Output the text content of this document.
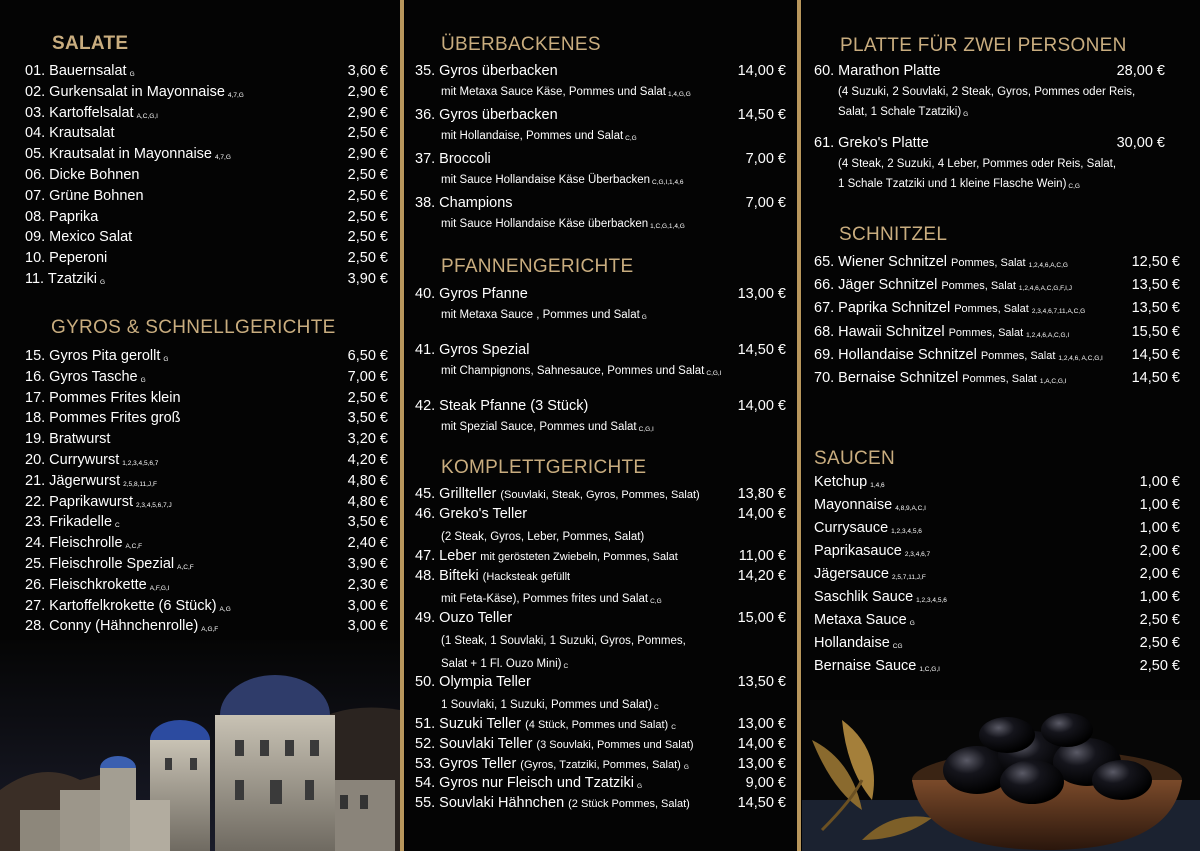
SALATE
01. Bauernsalat G	3,60 €
02. Gurkensalat in Mayonnaise 4,7,G	2,90 €
03. Kartoffelsalat A,C,G,I	2,90 €
04. Krautsalat	2,50 €
05. Krautsalat in Mayonnaise 4,7,G	2,90 €
06. Dicke Bohnen	2,50 €
07. Grüne Bohnen	2,50 €
08. Paprika	2,50 €
09. Mexico Salat	2,50 €
10. Peperoni	2,50 €
11. Tzatziki G	3,90 €
GYROS & SCHNELLGERICHTE
15. Gyros Pita gerollt G	6,50 €
16. Gyros Tasche G	7,00 €
17. Pommes Frites klein	2,50 €
18. Pommes Frites groß	3,50 €
19. Bratwurst	3,20 €
20. Currywurst 1,2,3,4,5,6,7	4,20 €
21. Jägerwurst 2,5,8,11,J,F	4,80 €
22. Paprikawurst 2,3,4,5,6,7,J	4,80 €
23. Frikadelle C	3,50 €
24. Fleischrolle A,C,F	2,40 €
25. Fleischrolle Spezial A,C,F	3,90 €
26. Fleischkrokette A,F,G,I	2,30 €
27. Kartoffelkrokette (6 Stück) A,G	3,00 €
28. Conny (Hähnchenrolle) A,G,F	3,00 €
ÜBERBACKENES
35. Gyros überbacken	14,00 €
mit Metaxa Sauce Käse, Pommes und Salat 1,4,G,G
36. Gyros überbacken	14,50 €
mit Hollandaise, Pommes und Salat C,G
37. Broccoli	7,00 €
mit Sauce Hollandaise Käse Überbacken C,G,I,1,4,6
38. Champions	7,00 €
mit Sauce Hollandaise Käse überbacken 1,C,G,1,4,G
PFANNENGERICHTE
40. Gyros Pfanne	13,00 €
mit Metaxa Sauce , Pommes und Salat G
41. Gyros Spezial	14,50 €
mit Champignons, Sahnesauce, Pommes und Salat C,G,I
42. Steak Pfanne (3 Stück)	14,00 €
mit Spezial Sauce, Pommes und Salat C,G,I
KOMPLETTGERICHTE
45. Grillteller (Souvlaki, Steak, Gyros, Pommes, Salat)	13,80 €
46. Greko's Teller	14,00 €
(2 Steak, Gyros, Leber, Pommes, Salat)
47. Leber mit gerösteten Zwiebeln, Pommes, Salat	11,00 €
48. Bifteki (Hacksteak gefüllt	14,20 €
mit Feta-Käse), Pommes frites und Salat C,G
49. Ouzo Teller	15,00 €
(1 Steak, 1 Souvlaki, 1 Suzuki, Gyros, Pommes,
Salat + 1 Fl. Ouzo Mini) C
50. Olympia Teller	13,50 €
1 Souvlaki, 1 Suzuki, Pommes und Salat) C
51. Suzuki Teller (4 Stück, Pommes und Salat) C	13,00 €
52. Souvlaki Teller (3 Souvlaki, Pommes und Salat)	14,00 €
53. Gyros Teller (Gyros, Tzatziki, Pommes, Salat) G	13,00 €
54. Gyros nur Fleisch und Tzatziki G	9,00 €
55. Souvlaki Hähnchen (2 Stück Pommes, Salat)	14,50 €
PLATTE FÜR ZWEI PERSONEN
60. Marathon Platte	28,00 €
(4 Suzuki, 2 Souvlaki, 2 Steak, Gyros, Pommes oder Reis,
Salat, 1 Schale Tzatziki) G
61. Greko's Platte	30,00 €
(4 Steak, 2 Suzuki, 4 Leber, Pommes oder Reis, Salat,
1 Schale Tzatziki und 1 kleine Flasche Wein) C,G
SCHNITZEL
65. Wiener Schnitzel Pommes, Salat 1,2,4,6,A,C,G	12,50 €
66. Jäger Schnitzel Pommes, Salat 1,2,4,6,A,C,G,F,I,J	13,50 €
67. Paprika Schnitzel Pommes, Salat 2,3,4,6,7,11,A,C,G	13,50 €
68. Hawaii Schnitzel Pommes, Salat 1,2,4,6,A,C,G,I	15,50 €
69. Hollandaise Schnitzel Pommes, Salat 1,2,4,6, A,C,G,I 14,50 €
70. Bernaise Schnitzel Pommes, Salat 1,A,C,G,I	14,50 €
SAUCEN
Ketchup 1,4,6	1,00 €
Mayonnaise 4,8,9,A,C,I	1,00 €
Currysauce 1,2,3,4,5,6	1,00 €
Paprikasauce 2,3,4,6,7	2,00 €
Jägersauce 2,5,7,11,J,F	2,00 €
Saschlik Sauce 1,2,3,4,5,6	1,00 €
Metaxa Sauce G	2,50 €
Hollandaise CG	2,50 €
Bernaise Sauce 1,C,G,I	2,50 €
